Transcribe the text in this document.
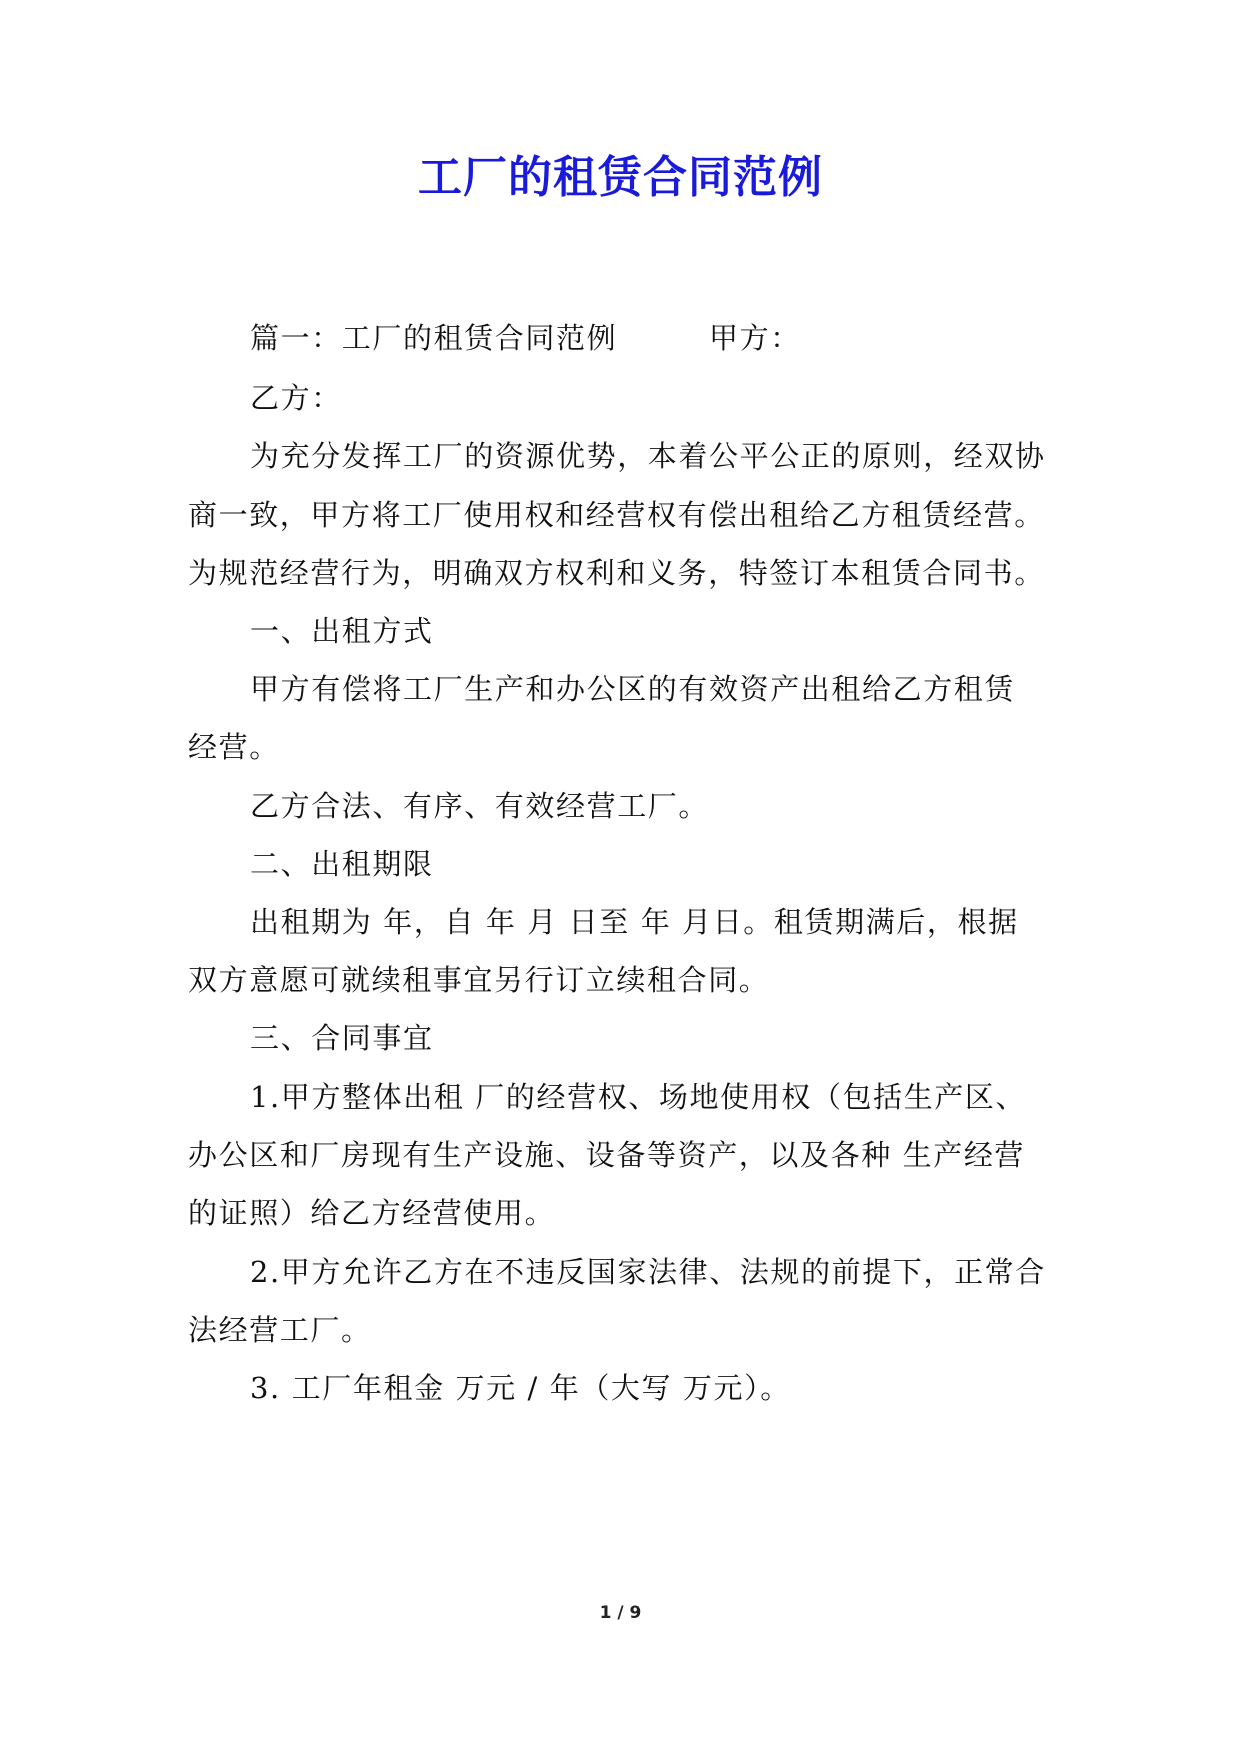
工厂的租赁合同范例
篇一：工厂的租赁合同范例　　　甲方：
乙方：
为充分发挥工厂的资源优势，本着公平公正的原则，经双协
商一致，甲方将工厂使用权和经营权有偿出租给乙方租赁经营。
为规范经营行为，明确双方权利和义务，特签订本租赁合同书。
一、出租方式
甲方有偿将工厂生产和办公区的有效资产出租给乙方租赁
经营。
乙方合法、有序、有效经营工厂。
二、出租期限
出租期为 年，自 年 月 日至 年 月日。租赁期满后，根据
双方意愿可就续租事宜另行订立续租合同。
三、合同事宜
1.甲方整体出租 厂的经营权、场地使用权（包括生产区、
办公区和厂房现有生产设施、设备等资产，以及各种 生产经营
的证照）给乙方经营使用。
2.甲方允许乙方在不违反国家法律、法规的前提下，正常合
法经营工厂。
3. 工厂年租金 万元 / 年（大写 万元）。
1 / 9
